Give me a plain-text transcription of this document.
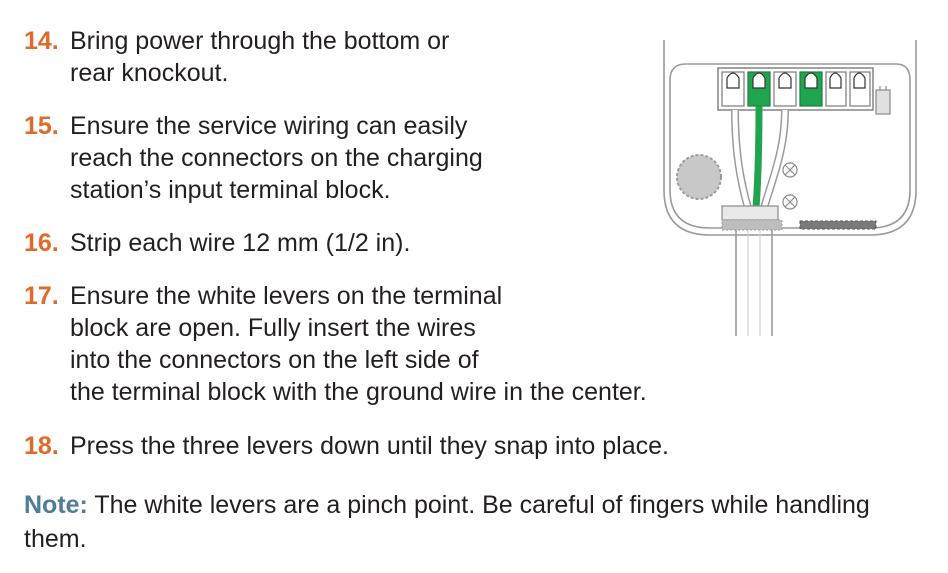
14. Bring power through the bottom or
rear knockout.
15. Ensure the service wiring can easily
reach the connectors on the charging
station’s input terminal block.
16. Strip each wire 12 mm (1/2 in).
17. Ensure the white levers on the terminal
block are open. Fully insert the wires
into the connectors on the left side of
the terminal block with the ground wire in the center.
18. Press the three levers down until they snap into place.
Note: The white levers are a pinch point. Be careful of fingers while handling them.
